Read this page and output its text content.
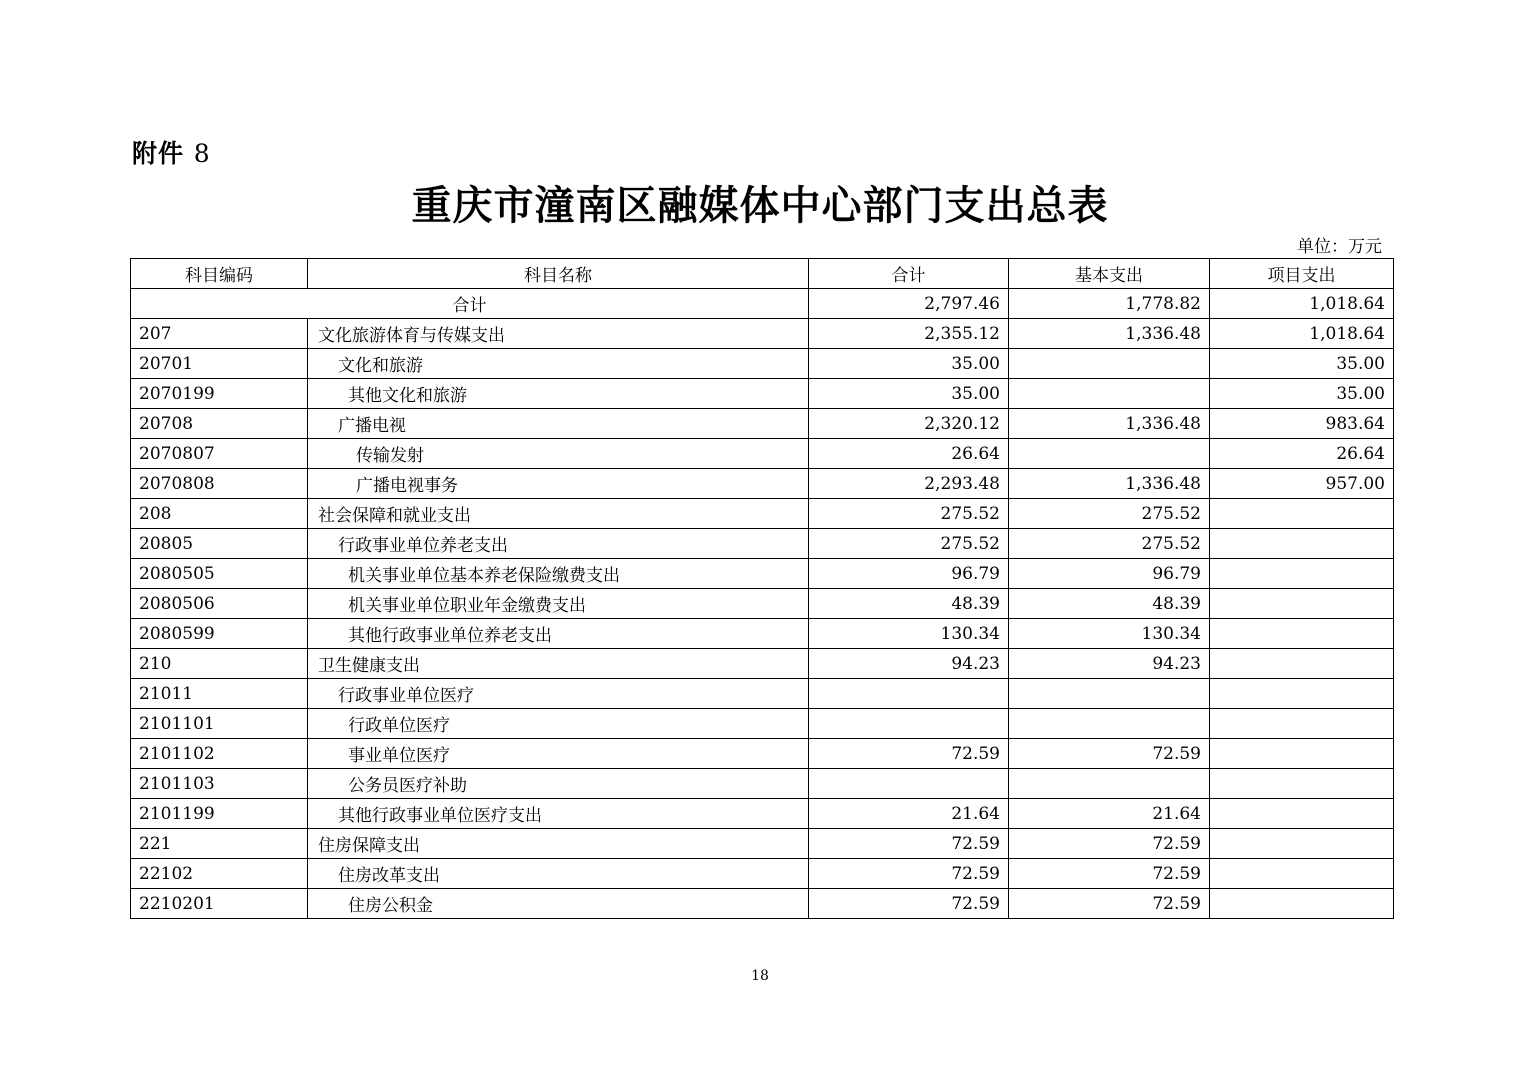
附件 8
重庆市潼南区融媒体中心部门支出总表
单位：万元
科目编码	科目名称	合计	基本支出	项目支出
合计		2,797.46	1,778.82	1,018.64
207	文化旅游体育与传媒支出	2,355.12	1,336.48	1,018.64
20701	文化和旅游	35.00		35.00
2070199	其他文化和旅游	35.00		35.00
20708	广播电视	2,320.12	1,336.48	983.64
2070807	传输发射	26.64		26.64
2070808	广播电视事务	2,293.48	1,336.48	957.00
208	社会保障和就业支出	275.52	275.52	
20805	行政事业单位养老支出	275.52	275.52	
2080505	机关事业单位基本养老保险缴费支出	96.79	96.79	
2080506	机关事业单位职业年金缴费支出	48.39	48.39	
2080599	其他行政事业单位养老支出	130.34	130.34	
210	卫生健康支出	94.23	94.23	
21011	行政事业单位医疗			
2101101	行政单位医疗			
2101102	事业单位医疗	72.59	72.59	
2101103	公务员医疗补助			
2101199	其他行政事业单位医疗支出	21.64	21.64	
221	住房保障支出	72.59	72.59	
22102	住房改革支出	72.59	72.59	
2210201	住房公积金	72.59	72.59	
18
